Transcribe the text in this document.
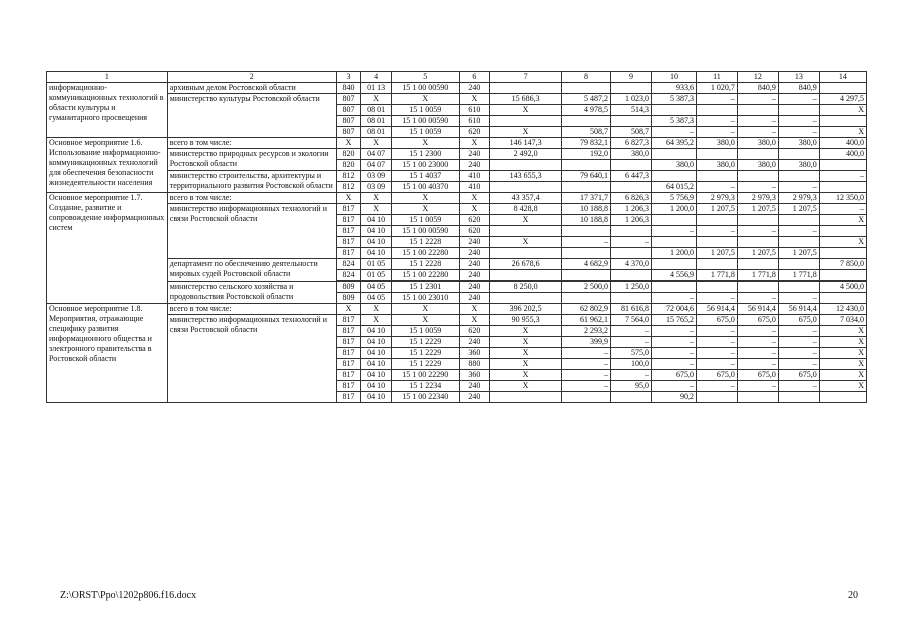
1	2	3	4	5	6	7	8	9	10	11	12	13	14
информационно-коммуникационных технологий в области культуры и гуманитарного просвещения	архивным делом Ростовской области	840	01 13	15 1 00 00590	240				933,6	1 020,7	840,9	840,9	
	министерство культуры Ростовской области	807	Х	Х	Х	15 686,3	5 487,2	1 023,0	5 387,3	–	–	–	4 297,5
		807	08 01	15 1 0059	610	Х	4 978,5	514,3					Х
		807	08 01	15 1 00 00590	610				5 387,3	–	–	–	
		807	08 01	15 1 0059	620	Х	508,7	508,7	–	–	–	–	Х
Основное мероприятие 1.6. Использование информационно-коммуникационных технологий для обеспечения безопасности жизнедеятельности населения	всего в том числе:	Х	Х	Х	Х	146 147,3	79 832,1	6 827,3	64 395,2	380,0	380,0	380,0	400,0
	министерство природных ресурсов и экологии Ростовской области	820	04 07	15 1 2300	240	2 492,0	192,0	380,0					400,0
		820	04 07	15 1 00 23000	240				380,0	380,0	380,0	380,0	
	министерство строительства, архитектуры и территориального развития Ростовской области	812	03 09	15 1 4037	410	143 655,3	79 640,1	6 447,3					–
		812	03 09	15 1 00 40370	410				64 015,2	–	–	–	
Основное мероприятие 1.7. Создание, развитие и сопровождение информационных систем	всего в том числе:	Х	Х	Х	Х	43 357,4	17 371,7	6 826,3	5 756,9	2 979,3	2 979,3	2 979,3	12 350,0
	министерство информационных технологий и связи Ростовской области	817	Х	Х	Х	8 428,8	10 188,8	1 206,3	1 200,0	1 207,5	1 207,5	1 207,5	–
		817	04 10	15 1 0059	620	Х	10 188,8	1 206,3					Х
		817	04 10	15 1 00 00590	620				–	–	–	–	
		817	04 10	15 1 2228	240	Х	–	–					Х
		817	04 10	15 1 00 22280	240				1 200,0	1 207,5	1 207,5	1 207,5	
	департамент по обеспечению деятельности мировых судей Ростовской области	824	01 05	15 1 2228	240	26 678,6	4 682,9	4 370,0					7 850,0
		824	01 05	15 1 00 22280	240				4 556,9	1 771,8	1 771,8	1 771,8	

	министерство сельского хозяйства и продовольствия Ростовской области	809	04 05	15 1 2301	240	8 250,0	2 500,0	1 250,0					4 500,0
		809	04 05	15 1 00 23010	240				–	–	–	–	
Основное мероприятие 1.8. Мероприятия, отражающие специфику развития информационного общества и электронного правительства в Ростовской области	всего в том числе:	Х	Х	Х	Х	396 202,5	62 802,9	81 616,8	72 004,6	56 914,4	56 914,4	56 914,4	12 430,0
	министерство информационных технологий и связи Ростовской области	817	Х	Х	Х	90 955,3	61 962,1	7 564,0	15 765,2	675,0	675,0	675,0	7 034,0
		817	04 10	15 1 0059	620	Х	2 293,2	–	–	–	–	–	Х
		817	04 10	15 1 2229	240	Х	399,9	–	–	–	–	–	Х
		817	04 10	15 1 2229	360	Х	–	575,0	–	–	–	–	Х
		817	04 10	15 1 2229	880	Х	–	100,0	–	–	–	–	Х
		817	04 10	15 1 00 22290	360	Х	–	–	675,0	675,0	675,0	675,0	Х
		817	04 10	15 1 2234	240	Х	–	95,0	–	–	–	–	Х
		817	04 10	15 1 00 22340	240				90,2				
Z:\ORST\Ppo\1202p806.f16.docx	20
